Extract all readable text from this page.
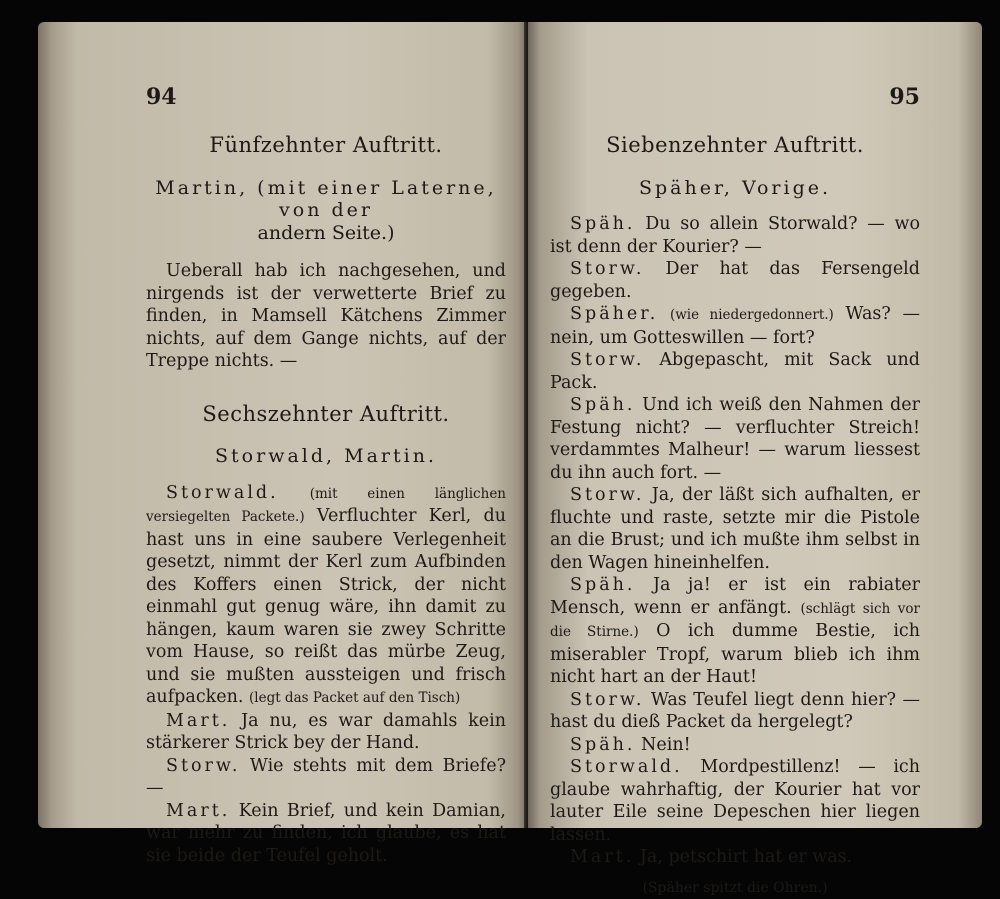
94
Fünfzehnter Auftritt.
Martin, (mit einer Laterne, von der
andern Seite.)

Ueberall hab ich nachgesehen, und nirgends ist der verwetterte Brief zu finden, in Mamsell Kätchens Zimmer nichts, auf dem Gange nichts, auf der Treppe nichts. —

Sechszehnter Auftritt.
Storwald, Martin.

Storwald. (mit einen länglichen versiegelten Packete.) Verfluchter Kerl, du hast uns in eine saubere Verlegenheit gesetzt, nimmt der Kerl zum Aufbinden des Koffers einen Strick, der nicht einmahl gut genug wäre, ihn damit zu hängen, kaum waren sie zwey Schritte vom Hause, so reißt das mürbe Zeug, und sie mußten aussteigen und frisch aufpacken. (legt das Packet auf den Tisch)

Mart. Ja nu, es war damahls kein stärkerer Strick bey der Hand.

Storw. Wie stehts mit dem Briefe? —

Mart. Kein Brief, und kein Damian, war mehr zu finden, ich glaube, es hat sie beide der Teufel geholt.

95
Siebenzehnter Auftritt.
Späher, Vorige.

Späh. Du so allein Storwald? — wo ist denn der Kourier? —

Storw. Der hat das Fersengeld gegeben.

Späher. (wie niedergedonnert.) Was? — nein, um Gotteswillen — fort?

Storw. Abgepascht, mit Sack und Pack.

Späh. Und ich weiß den Nahmen der Festung nicht? — verfluchter Streich! verdammtes Malheur! — warum liessest du ihn auch fort. —

Storw. Ja, der läßt sich aufhalten, er fluchte und raste, setzte mir die Pistole an die Brust; und ich mußte ihm selbst in den Wagen hineinhelfen.

Späh. Ja ja! er ist ein rabiater Mensch, wenn er anfängt. (schlägt sich vor die Stirne.) O ich dumme Bestie, ich miserabler Tropf, warum blieb ich ihm nicht hart an der Haut!

Storw. Was Teufel liegt denn hier? — hast du dieß Packet da hergelegt?

Späh. Nein!

Storwald. Mordpestillenz! — ich glaube wahrhaftig, der Kourier hat vor lauter Eile seine Depeschen hier liegen lassen.

Mart. Ja, petschirt hat er was.

(Späher spitzt die Ohren.)
